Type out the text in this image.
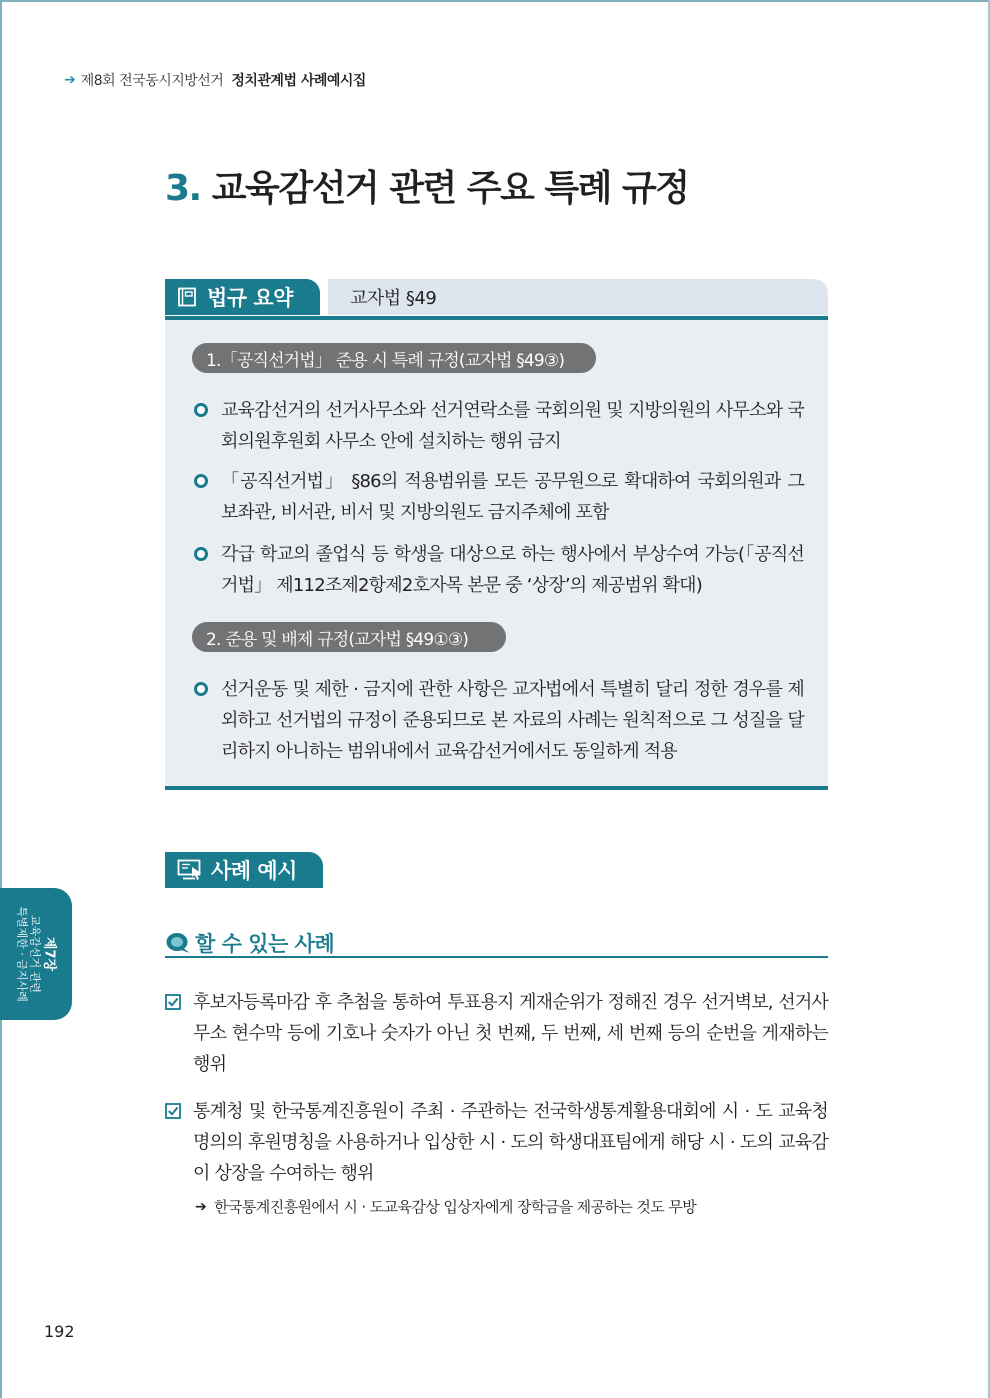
➔ 제8회 전국동시지방선거 정치관계법 사례예시집
3. 교육감선거 관련 주요 특례 규정
법규 요약	교자법 §49
1.「공직선거법」 준용 시 특례 규정(교자법 §49③)
교육감선거의 선거사무소와 선거연락소를 국회의원 및 지방의원의 사무소와 국회의원후원회 사무소 안에 설치하는 행위 금지
「공직선거법」 §86의 적용범위를 모든 공무원으로 확대하여 국회의원과 그 보좌관, 비서관, 비서 및 지방의원도 금지주체에 포함
각급 학교의 졸업식 등 학생을 대상으로 하는 행사에서 부상수여 가능(「공직선거법」 제112조제2항제2호자목 본문 중 ‘상장’의 제공범위 확대)
2. 준용 및 배제 규정(교자법 §49①③)
선거운동 및 제한 · 금지에 관한 사항은 교자법에서 특별히 달리 정한 경우를 제외하고 선거법의 규정이 준용되므로 본 자료의 사례는 원칙적으로 그 성질을 달리하지 아니하는 범위내에서 교육감선거에서도 동일하게 적용
사례 예시
할 수 있는 사례
후보자등록마감 후 추첨을 통하여 투표용지 게재순위가 정해진 경우 선거벽보, 선거사무소 현수막 등에 기호나 숫자가 아닌 첫 번째, 두 번째, 세 번째 등의 순번을 게재하는 행위
통계청 및 한국통계진흥원이 주최 · 주관하는 전국학생통계활용대회에 시 · 도 교육청 명의의 후원명칭을 사용하거나 입상한 시 · 도의 학생대표팀에게 해당 시 · 도의 교육감이 상장을 수여하는 행위
➔ 한국통계진흥원에서 시 · 도교육감상 입상자에게 장학금을 제공하는 것도 무방
제7장
교육감선거 관련
특별제한 · 금지사례
192
